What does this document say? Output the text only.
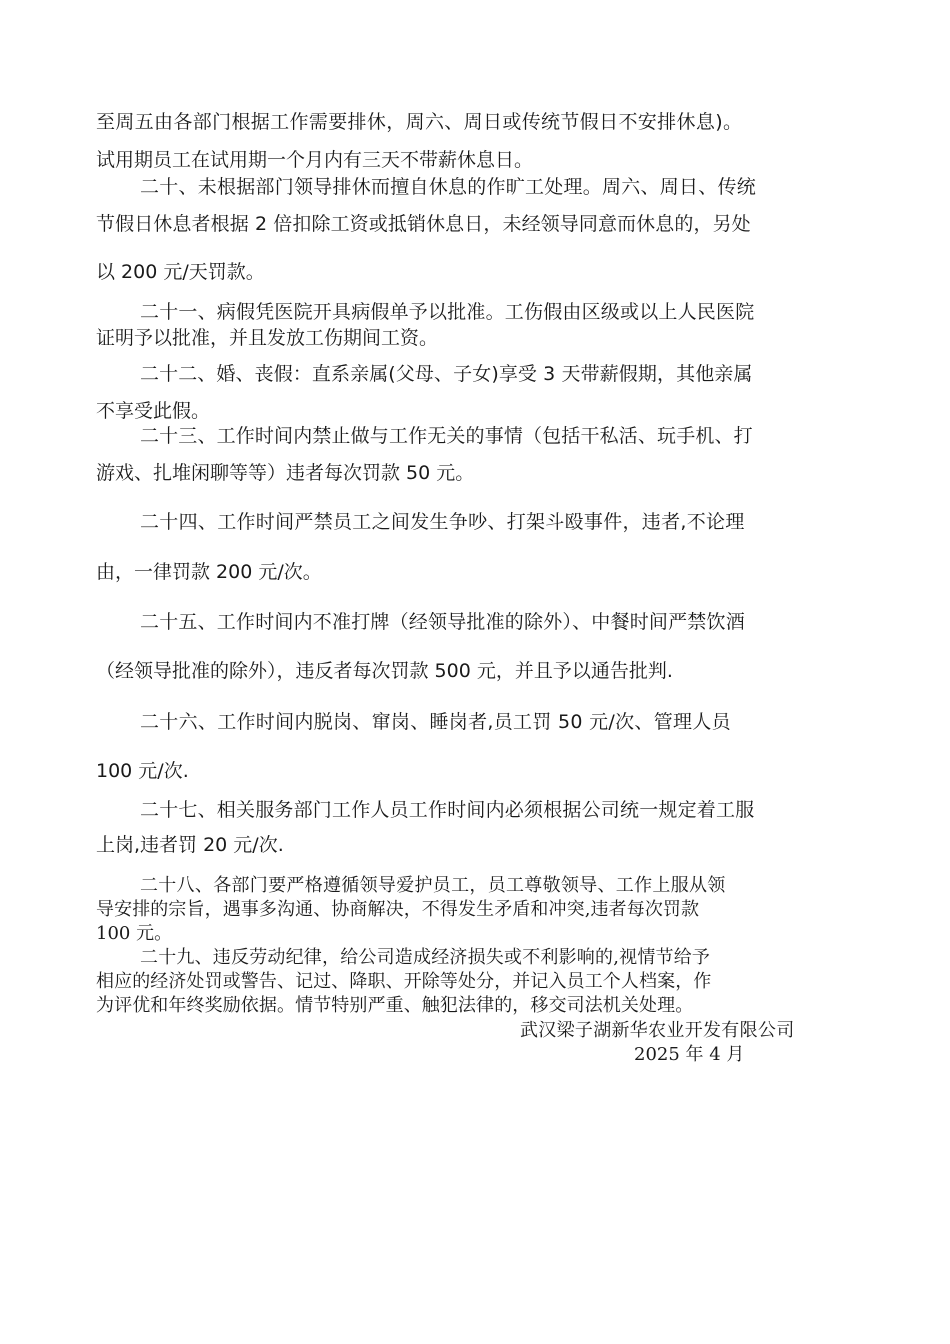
至周五由各部门根据工作需要排休，周六、周日或传统节假日不安排休息)。
试用期员工在试用期一个月内有三天不带薪休息日。
二十、未根据部门领导排休而擅自休息的作旷工处理。周六、周日、传统
节假日休息者根据 2 倍扣除工资或抵销休息日，未经领导同意而休息的，另处
以 200 元/天罚款。
二十一、病假凭医院开具病假单予以批准。工伤假由区级或以上人民医院
证明予以批准，并且发放工伤期间工资。
二十二、婚、丧假：直系亲属(父母、子女)享受 3 天带薪假期，其他亲属
不享受此假。
二十三、工作时间内禁止做与工作无关的事情（包括干私活、玩手机、打
游戏、扎堆闲聊等等）违者每次罚款 50 元。
二十四、工作时间严禁员工之间发生争吵、打架斗殴事件，违者,不论理
由，一律罚款 200 元/次。
二十五、工作时间内不准打牌（经领导批准的除外）、中餐时间严禁饮酒
（经领导批准的除外），违反者每次罚款 500 元，并且予以通告批判.
二十六、工作时间内脱岗、窜岗、睡岗者,员工罚 50 元/次、管理人员
100 元/次.
二十七、相关服务部门工作人员工作时间内必须根据公司统一规定着工服
上岗,违者罚 20 元/次.
二十八、各部门要严格遵循领导爱护员工，员工尊敬领导、工作上服从领
导安排的宗旨，遇事多沟通、协商解决，不得发生矛盾和冲突,违者每次罚款
100 元。
二十九、违反劳动纪律，给公司造成经济损失或不利影响的,视情节给予
相应的经济处罚或警告、记过、降职、开除等处分，并记入员工个人档案，作
为评优和年终奖励依据。情节特别严重、触犯法律的，移交司法机关处理。
武汉梁子湖新华农业开发有限公司
2025 年 4 月
